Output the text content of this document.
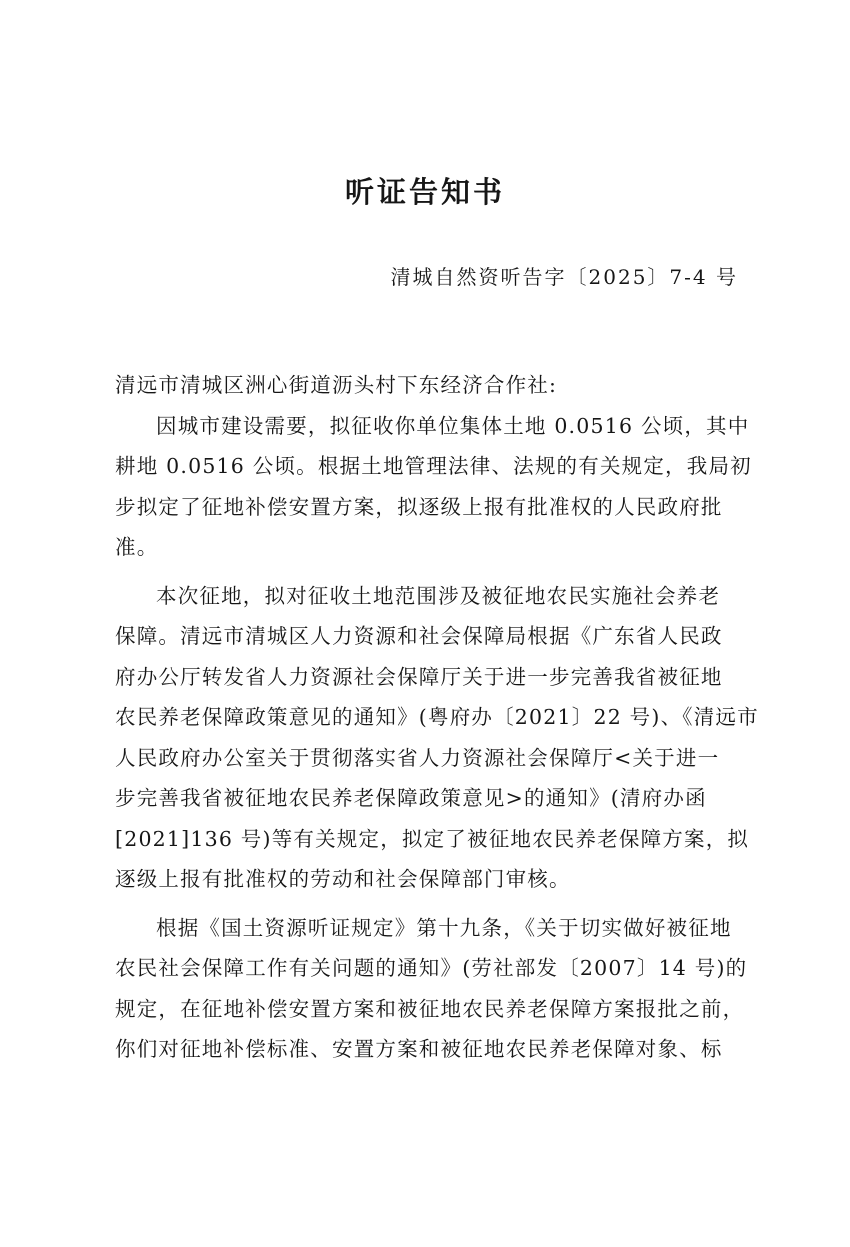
听证告知书
清城自然资听告字〔2025〕7-4 号
清远市清城区洲心街道沥头村下东经济合作社:
因城市建设需要，拟征收你单位集体土地 0.0516 公顷，其中
耕地 0.0516 公顷。根据土地管理法律、法规的有关规定，我局初
步拟定了征地补偿安置方案，拟逐级上报有批准权的人民政府批
准。
本次征地，拟对征收土地范围涉及被征地农民实施社会养老
保障。清远市清城区人力资源和社会保障局根据《广东省人民政
府办公厅转发省人力资源社会保障厅关于进一步完善我省被征地
农民养老保障政策意见的通知》(粤府办〔2021〕22 号)、《清远市
人民政府办公室关于贯彻落实省人力资源社会保障厅<关于进一
步完善我省被征地农民养老保障政策意见>的通知》(清府办函
[2021]136 号)等有关规定，拟定了被征地农民养老保障方案，拟
逐级上报有批准权的劳动和社会保障部门审核。
根据《国土资源听证规定》第十九条，《关于切实做好被征地
农民社会保障工作有关问题的通知》(劳社部发〔2007〕14 号)的
规定，在征地补偿安置方案和被征地农民养老保障方案报批之前，
你们对征地补偿标准、安置方案和被征地农民养老保障对象、标
